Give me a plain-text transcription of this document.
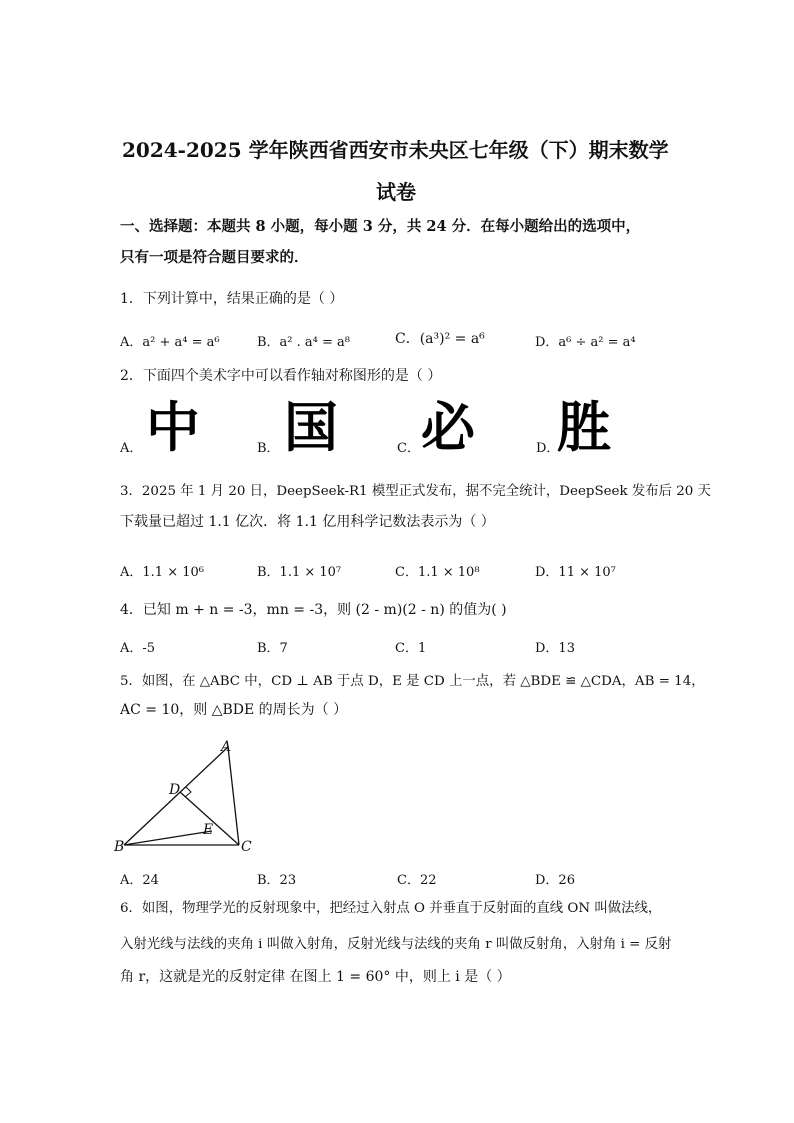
2024-2025 学年陕西省西安市未央区七年级（下）期末数学
试卷
一、选择题：本题共 8 小题，每小题 3 分，共 24 分．在每小题给出的选项中，
只有一项是符合题目要求的．
1．下列计算中，结果正确的是（ ）
A．a² + a⁴ = a⁶	B．a² . a⁴ = a⁸	C．(a³)² = a⁶	D．a⁶ ÷ a² = a⁴
2．下面四个美术字中可以看作轴对称图形的是（ ）
A． 中	B． 国	C． 必	D．
胜
3．2025 年 1 月 20 日，DeepSeek-R1 模型正式发布，据不完全统计，DeepSeek 发布后 20 天
下载量已超过 1.1 亿次．将 1.1 亿用科学记数法表示为（ ）
A．1.1 × 10⁶	B．1.1 × 10⁷	C．1.1 × 10⁸	D．11 × 10⁷
4．已知 m + n = -3，mn = -3，则 (2 - m)(2 - n) 的值为( )
A．-5	B．7	C．1	D．13
5．如图，在 △ABC 中，CD ⊥ AB 于点 D，E 是 CD 上一点，若 △BDE ≌ △CDA，AB = 14，
AC = 10，则 △BDE 的周长为（ ）
A
B	C
D
E
A．24	B．23	C．22	D．26
6．如图，物理学光的反射现象中，把经过入射点 O 并垂直于反射面的直线 ON 叫做法线，
入射光线与法线的夹角 i 叫做入射角，反射光线与法线的夹角 r 叫做反射角，入射角 i = 反射
角 r，这就是光的反射定律 在图上 1 = 60° 中，则上 i 是（ ）
